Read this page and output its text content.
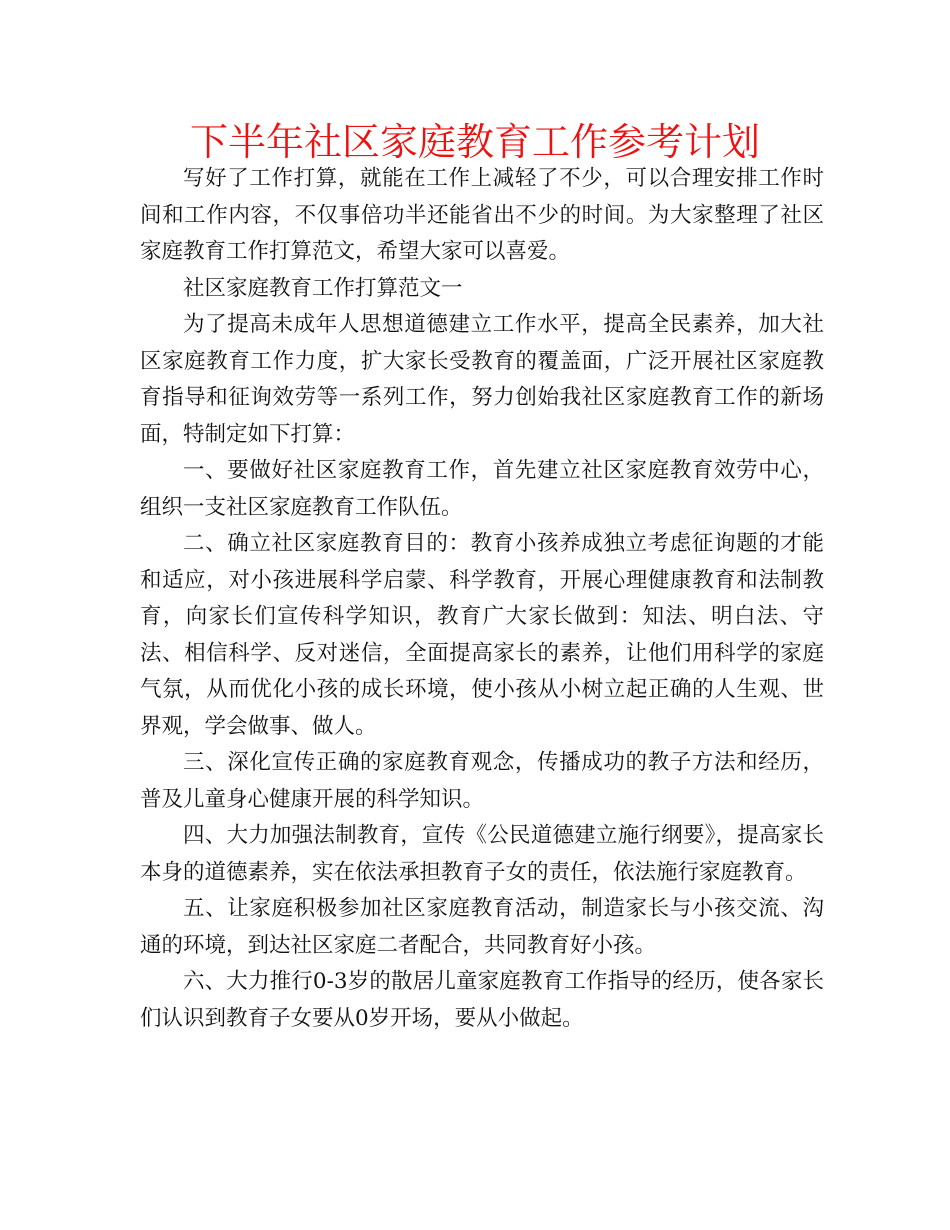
下半年社区家庭教育工作参考计划

写好了工作打算，就能在工作上减轻了不少，可以合理安排工作时间和工作内容，不仅事倍功半还能省出不少的时间。为大家整理了社区家庭教育工作打算范文，希望大家可以喜爱。

社区家庭教育工作打算范文一

为了提高未成年人思想道德建立工作水平，提高全民素养，加大社区家庭教育工作力度，扩大家长受教育的覆盖面，广泛开展社区家庭教育指导和征询效劳等一系列工作，努力创始我社区家庭教育工作的新场面，特制定如下打算：

一、要做好社区家庭教育工作，首先建立社区家庭教育效劳中心，组织一支社区家庭教育工作队伍。

二、确立社区家庭教育目的：教育小孩养成独立考虑征询题的才能和适应，对小孩进展科学启蒙、科学教育，开展心理健康教育和法制教育，向家长们宣传科学知识，教育广大家长做到：知法、明白法、守法、相信科学、反对迷信，全面提高家长的素养，让他们用科学的家庭气氛，从而优化小孩的成长环境，使小孩从小树立起正确的人生观、世界观，学会做事、做人。

三、深化宣传正确的家庭教育观念，传播成功的教子方法和经历，普及儿童身心健康开展的科学知识。

四、大力加强法制教育，宣传《公民道德建立施行纲要》，提高家长本身的道德素养，实在依法承担教育子女的责任，依法施行家庭教育。

五、让家庭积极参加社区家庭教育活动，制造家长与小孩交流、沟通的环境，到达社区家庭二者配合，共同教育好小孩。

六、大力推行0-3岁的散居儿童家庭教育工作指导的经历，使各家长们认识到教育子女要从0岁开场，要从小做起。
